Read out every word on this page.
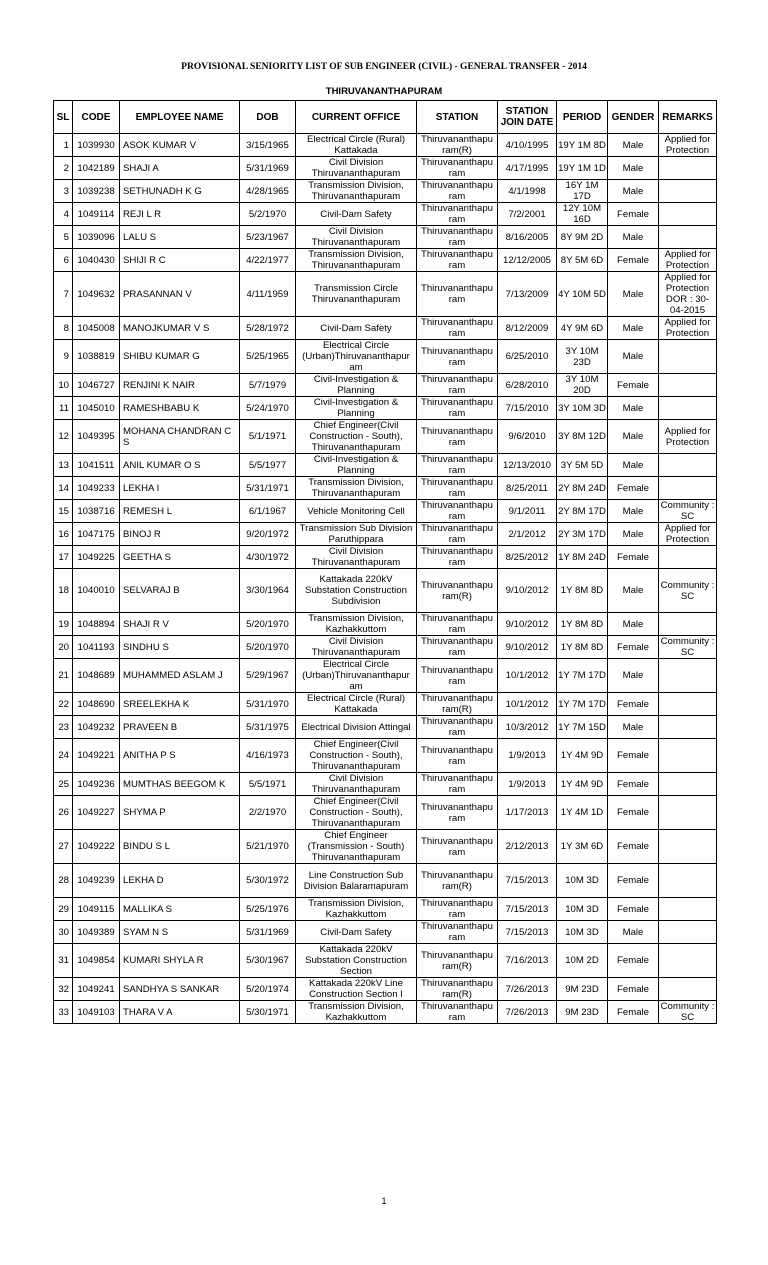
PROVISIONAL SENIORITY LIST OF SUB ENGINEER (CIVIL) - GENERAL TRANSFER - 2014
THIRUVANANTHAPURAM
SL	CODE	EMPLOYEE NAME	DOB	CURRENT OFFICE	STATION	STATION JOIN DATE	PERIOD	GENDER	REMARKS
1	1039930	ASOK KUMAR V	3/15/1965	Electrical Circle (Rural) Kattakada	Thiruvananthapu ram(R)	4/10/1995	19Y 1M 8D	Male	Applied for Protection
2	1042189	SHAJI A	5/31/1969	Civil Division Thiruvananthapuram	Thiruvananthapu ram	4/17/1995	19Y 1M 1D	Male	
3	1039238	SETHUNADH K G	4/28/1965	Transmission Division, Thiruvananthapuram	Thiruvananthapu ram	4/1/1998	16Y 1M 17D	Male	
4	1049114	REJI L R	5/2/1970	Civil-Dam Safety	Thiruvananthapu ram	7/2/2001	12Y 10M 16D	Female	
5	1039096	LALU S	5/23/1967	Civil Division Thiruvananthapuram	Thiruvananthapu ram	8/16/2005	8Y 9M 2D	Male	
6	1040430	SHIJI R C	4/22/1977	Transmission Division, Thiruvananthapuram	Thiruvananthapu ram	12/12/2005	8Y 5M 6D	Female	Applied for Protection
7	1049632	PRASANNAN V	4/11/1959	Transmission Circle Thiruvananthapuram	Thiruvananthapu ram	7/13/2009	4Y 10M 5D	Male	Applied for Protection DOR : 30-04-2015
8	1045008	MANOJKUMAR V S	5/28/1972	Civil-Dam Safety	Thiruvananthapu ram	8/12/2009	4Y 9M 6D	Male	Applied for Protection
9	1038819	SHIBU KUMAR G	5/25/1965	Electrical Circle (Urban)Thiruvananthapur am	Thiruvananthapu ram	6/25/2010	3Y 10M 23D	Male	
10	1046727	RENJINI K NAIR	5/7/1979	Civil-Investigation & Planning	Thiruvananthapu ram	6/28/2010	3Y 10M 20D	Female	
11	1045010	RAMESHBABU K	5/24/1970	Civil-Investigation & Planning	Thiruvananthapu ram	7/15/2010	3Y 10M 3D	Male	
12	1049395	MOHANA CHANDRAN C S	5/1/1971	Chief Engineer(Civil Construction - South), Thiruvananthapuram	Thiruvananthapu ram	9/6/2010	3Y 8M 12D	Male	Applied for Protection
13	1041511	ANIL KUMAR O S	5/5/1977	Civil-Investigation & Planning	Thiruvananthapu ram	12/13/2010	3Y 5M 5D	Male	
14	1049233	LEKHA I	5/31/1971	Transmission Division, Thiruvananthapuram	Thiruvananthapu ram	8/25/2011	2Y 8M 24D	Female	
15	1038716	REMESH L	6/1/1967	Vehicle Monitoring Cell	Thiruvananthapu ram	9/1/2011	2Y 8M 17D	Male	Community : SC
16	1047175	BINOJ R	9/20/1972	Transmission Sub Division Paruthippara	Thiruvananthapu ram	2/1/2012	2Y 3M 17D	Male	Applied for Protection
17	1049225	GEETHA S	4/30/1972	Civil Division Thiruvananthapuram	Thiruvananthapu ram	8/25/2012	1Y 8M 24D	Female	
18	1040010	SELVARAJ B	3/30/1964	Kattakada 220kV Substation Construction Subdivision	Thiruvananthapu ram(R)	9/10/2012	1Y 8M 8D	Male	Community : SC
19	1048894	SHAJI R V	5/20/1970	Transmission Division, Kazhakkuttom	Thiruvananthapu ram	9/10/2012	1Y 8M 8D	Male	
20	1041193	SINDHU S	5/20/1970	Civil Division Thiruvananthapuram	Thiruvananthapu ram	9/10/2012	1Y 8M 8D	Female	Community : SC
21	1048689	MUHAMMED ASLAM J	5/29/1967	Electrical Circle (Urban)Thiruvananthapur am	Thiruvananthapu ram	10/1/2012	1Y 7M 17D	Male	
22	1048690	SREELEKHA K	5/31/1970	Electrical Circle (Rural) Kattakada	Thiruvananthapu ram(R)	10/1/2012	1Y 7M 17D	Female	
23	1049232	PRAVEEN B	5/31/1975	Electrical Division Attingal	Thiruvananthapu ram	10/3/2012	1Y 7M 15D	Male	
24	1049221	ANITHA P S	4/16/1973	Chief Engineer(Civil Construction - South), Thiruvananthapuram	Thiruvananthapu ram	1/9/2013	1Y 4M 9D	Female	
25	1049236	MUMTHAS BEEGOM K	5/5/1971	Civil Division Thiruvananthapuram	Thiruvananthapu ram	1/9/2013	1Y 4M 9D	Female	
26	1049227	SHYMA P	2/2/1970	Chief Engineer(Civil Construction - South), Thiruvananthapuram	Thiruvananthapu ram	1/17/2013	1Y 4M 1D	Female	
27	1049222	BINDU S L	5/21/1970	Chief Engineer (Transmission - South) Thiruvananthapuram	Thiruvananthapu ram	2/12/2013	1Y 3M 6D	Female	
28	1049239	LEKHA D	5/30/1972	Line Construction Sub Division Balaramapuram	Thiruvananthapu ram(R)	7/15/2013	10M 3D	Female	
29	1049115	MALLIKA S	5/25/1976	Transmission Division, Kazhakkuttom	Thiruvananthapu ram	7/15/2013	10M 3D	Female	
30	1049389	SYAM N S	5/31/1969	Civil-Dam Safety	Thiruvananthapu ram	7/15/2013	10M 3D	Male	
31	1049854	KUMARI SHYLA R	5/30/1967	Kattakada 220kV Substation Construction Section	Thiruvananthapu ram(R)	7/16/2013	10M 2D	Female	
32	1049241	SANDHYA S SANKAR	5/20/1974	Kattakada 220kV Line Construction Section I	Thiruvananthapu ram(R)	7/26/2013	9M 23D	Female	
33	1049103	THARA V A	5/30/1971	Transmission Division, Kazhakkuttom	Thiruvananthapu ram	7/26/2013	9M 23D	Female	Community : SC
1
